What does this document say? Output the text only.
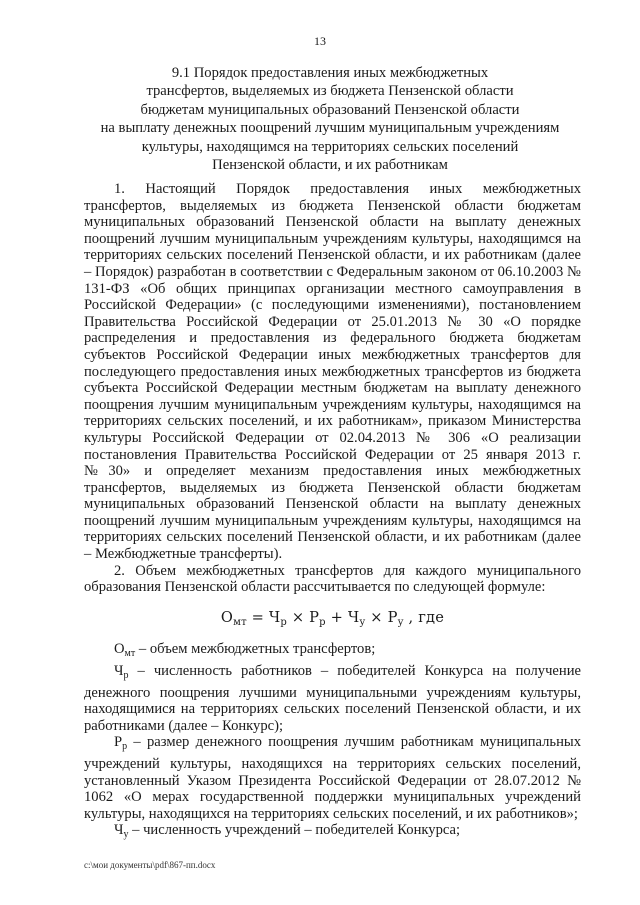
13
9.1 Порядок предоставления иных межбюджетных
трансфертов, выделяемых из бюджета Пензенской области
бюджетам муниципальных образований Пензенской области
на выплату денежных поощрений лучшим муниципальным учреждениям
культуры, находящимся на территориях сельских поселений
Пензенской области, и их работникам

1. Настоящий Порядок предоставления иных межбюджетных трансфертов, выделяемых из бюджета Пензенской области бюджетам муниципальных образований Пензенской области на выплату денежных поощрений лучшим муниципальным учреждениям культуры, находящимся на территориях сельских поселений Пензенской области, и их работникам (далее – Порядок) разработан в соответствии с Федеральным законом от 06.10.2003 № 131-ФЗ «Об общих принципах организации местного самоуправления в Российской Федерации» (с последующими изменениями), постановлением Правительства Российской Федерации от 25.01.2013 № 30 «О порядке распределения и предоставления из федерального бюджета бюджетам субъектов Российской Федерации иных межбюджетных трансфертов для последующего предоставления иных межбюджетных трансфертов из бюджета субъекта Российской Федерации местным бюджетам на выплату денежного поощрения лучшим муниципальным учреждениям культуры, находящимся на территориях сельских поселений, и их работникам», приказом Министерства культуры Российской Федерации от 02.04.2013 № 306 «О реализации постановления Правительства Российской Федерации от 25 января 2013 г. №30» и определяет механизм предоставления иных межбюджетных трансфертов, выделяемых из бюджета Пензенской области бюджетам муниципальных образований Пензенской области на выплату денежных поощрений лучшим муниципальным учреждениям культуры, находящимся на территориях сельских поселений Пензенской области, и их работникам (далее – Межбюджетные трансферты).

2. Объем межбюджетных трансфертов для каждого муниципального образования Пензенской области рассчитывается по следующей формуле:

$О_{мт} = Ч_р \times Р_р + Ч_у \times Р_у$ , где

$О_{мт}$ – объем межбюджетных трансфертов;

$Ч_р$ – численность работников – победителей Конкурса на получение денежного поощрения лучшими муниципальными учреждениям культуры, находящимися на территориях сельских поселений Пензенской области, и их работниками (далее – Конкурс);

$Р_р$ – размер денежного поощрения лучшим работникам муниципальных учреждений культуры, находящихся на территориях сельских поселений, установленный Указом Президента Российской Федерации от 28.07.2012 № 1062 «О мерах государственной поддержки муниципальных учреждений культуры, находящихся на территориях сельских поселений, и их работников»;

$Ч_у$ – численность учреждений – победителей Конкурса;

c:\мои документы\pdf\867-пп.docx
